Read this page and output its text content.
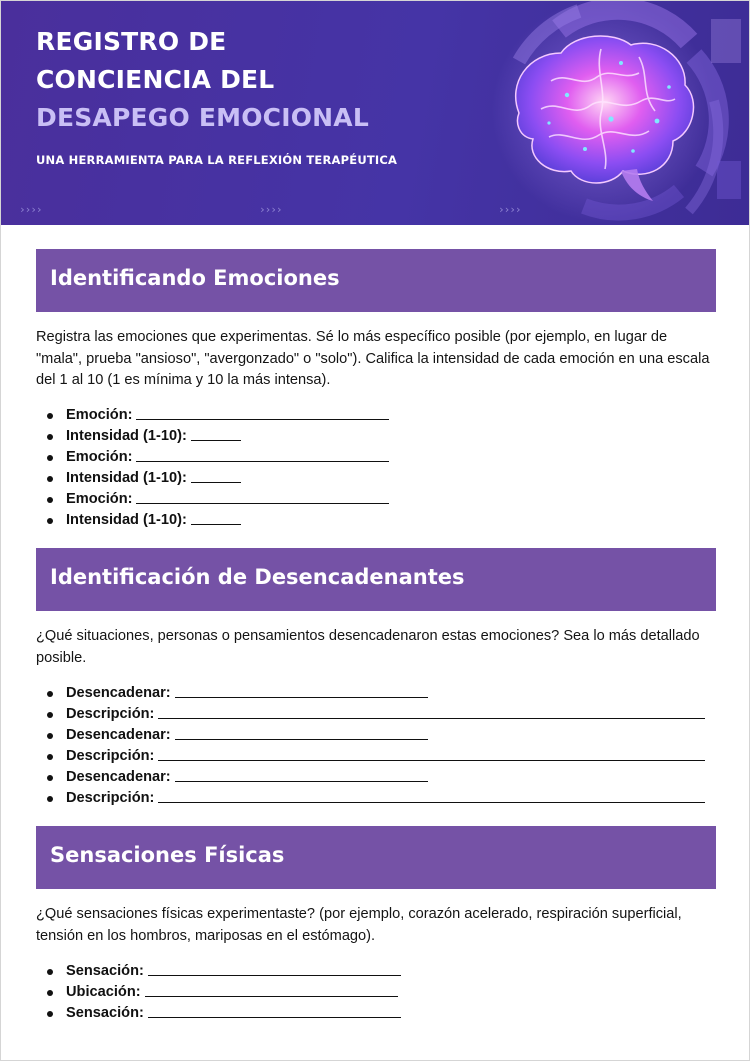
REGISTRO DE
CONCIENCIA DEL
DESAPEGO EMOCIONAL
UNA HERRAMIENTA PARA LA REFLEXIÓN TERAPÉUTICA
››››	››››	››››
Identificando Emociones

Registra las emociones que experimentas. Sé lo más específico posible (por ejemplo, en lugar de "mala", prueba "ansioso", "avergonzado" o "solo"). Califica la intensidad de cada emoción en una escala del 1 al 10 (1 es mínima y 10 la más intensa).

Emoción:
Intensidad (1-10):
Emoción:
Intensidad (1-10):
Emoción:
Intensidad (1-10):
Identificación de Desencadenantes

¿Qué situaciones, personas o pensamientos desencadenaron estas emociones? Sea lo más detallado posible.

Desencadenar:
Descripción:
Desencadenar:
Descripción:
Desencadenar:
Descripción:
Sensaciones Físicas

¿Qué sensaciones físicas experimentaste? (por ejemplo, corazón acelerado, respiración superficial, tensión en los hombros, mariposas en el estómago).

Sensación:
Ubicación:
Sensación:
